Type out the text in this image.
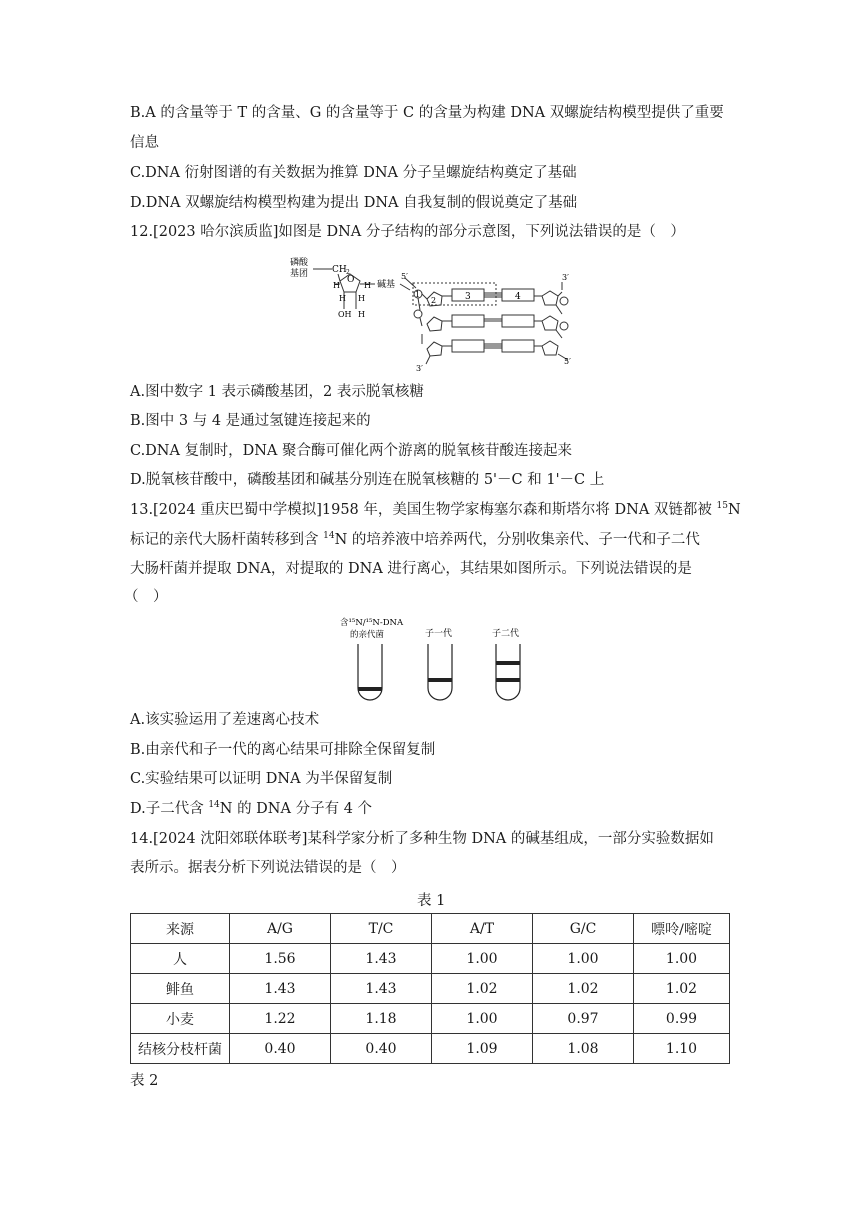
B.A 的含量等于 T 的含量、G 的含量等于 C 的含量为构建 DNA 双螺旋结构模型提供了重要
信息
C.DNA 衍射图谱的有关数据为推算 DNA 分子呈螺旋结构奠定了基础
D.DNA 双螺旋结构模型构建为提出 DNA 自我复制的假说奠定了基础
12.[2023 哈尔滨质监]如图是 DNA 分子结构的部分示意图，下列说法错误的是（　）
磷酸
基团	CH 2
O
H	H
H H
OH H
碱基
1
2	3	4
5′	3′
3′
5′
A.图中数字 1 表示磷酸基团，2 表示脱氧核糖
B.图中 3 与 4 是通过氢键连接起来的
C.DNA 复制时，DNA 聚合酶可催化两个游离的脱氧核苷酸连接起来
D.脱氧核苷酸中，磷酸基团和碱基分别连在脱氧核糖的 5'－C 和 1'－C 上
13.[2024 重庆巴蜀中学模拟]1958 年，美国生物学家梅塞尔森和斯塔尔将 DNA 双链都被 $^{15}$N
标记的亲代大肠杆菌转移到含 $^{14}$N 的培养液中培养两代，分别收集亲代、子一代和子二代
大肠杆菌并提取 DNA，对提取的 DNA 进行离心，其结果如图所示。下列说法错误的是
（　）
含¹⁵N/¹⁵N-DNA
的亲代菌	子一代	子二代
A.该实验运用了差速离心技术
B.由亲代和子一代的离心结果可排除全保留复制
C.实验结果可以证明 DNA 为半保留复制
D.子二代含 $^{14}$N 的 DNA 分子有 4 个
14.[2024 沈阳郊联体联考]某科学家分析了多种生物 DNA 的碱基组成，一部分实验数据如
表所示。据表分析下列说法错误的是（　）
表 1
来源	A/G	T/C	A/T	G/C	嘌呤/嘧啶
人	1.56	1.43	1.00	1.00	1.00
鲱鱼	1.43	1.43	1.02	1.02	1.02
小麦	1.22	1.18	1.00	0.97	0.99
结核分枝杆菌	0.40	0.40	1.09	1.08	1.10
表 2
